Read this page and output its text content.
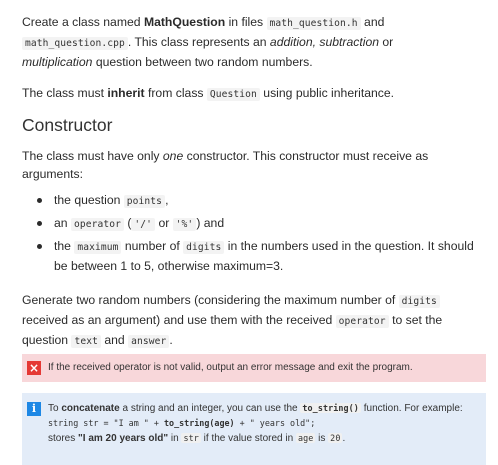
Create a class named MathQuestion in files math_question.h and
math_question.cpp . This class represents an addition, subtraction or
multiplication question between two random numbers.

The class must inherit from class Question using public inheritance.

Constructor

The class must have only one constructor. This constructor must receive as arguments:

the question points ,
an operator ( '/' or '%' ) and
the maximum number of digits in the numbers used in the question. It should be between 1 to 5, otherwise maximum=3.

Generate two random numbers (considering the maximum number of digits received as an argument) and use them with the received operator to set the question text and answer .

× If the received operator is not valid, output an error message and exit the program.
i	To concatenate a string and an integer, you can use the to_string() function. For example:
string str = "I am " + to_string(age) + " years old";
stores "I am 20 years old" in str if the value stored in age is 20 .
